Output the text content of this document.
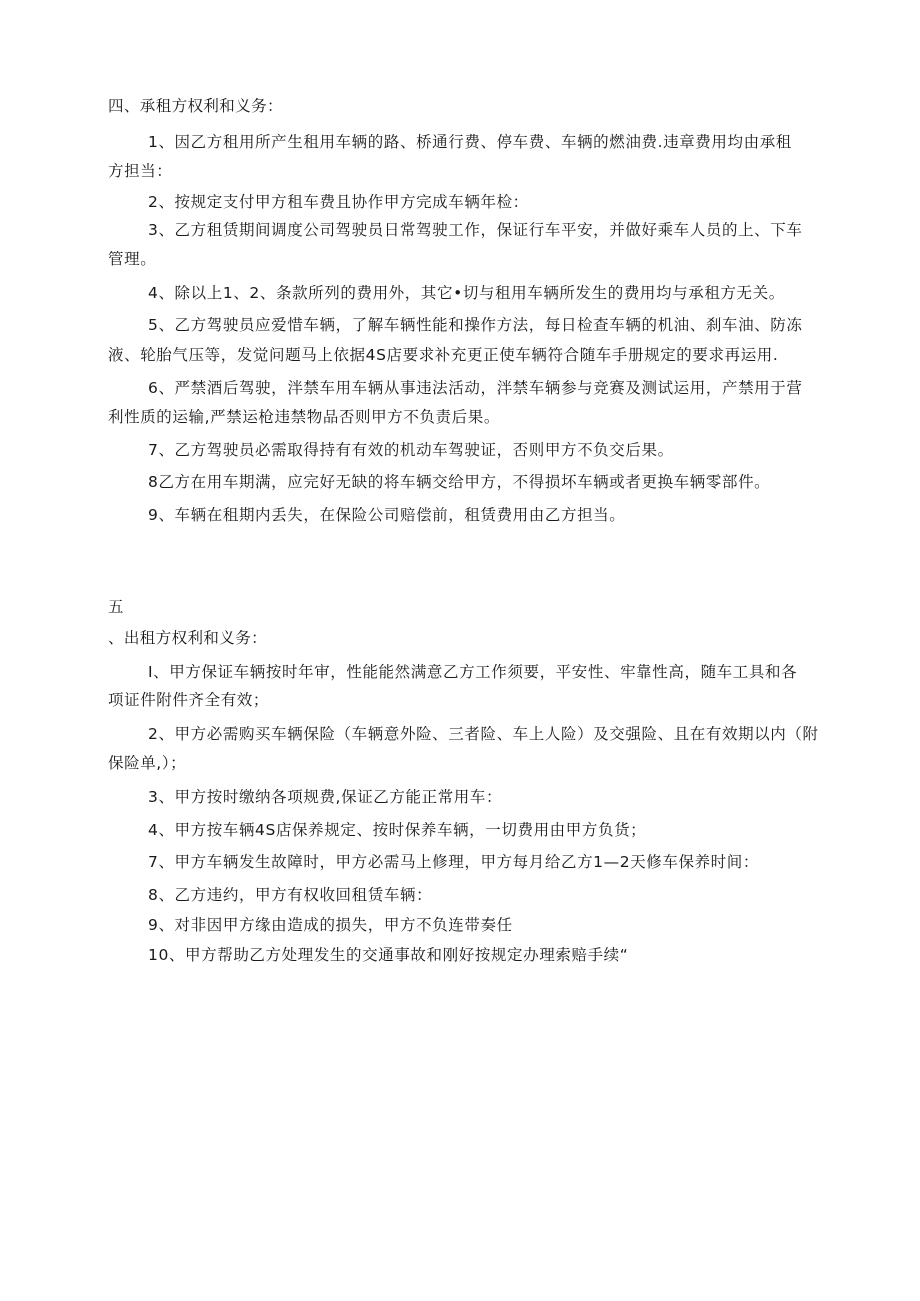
四、承租方权利和义务：
1、因乙方租用所产生租用车辆的路、桥通行费、停车费、车辆的燃油费.违章费用均由承租
方担当：
2、按规定支付甲方租车费且协作甲方完成车辆年检：
3、乙方租赁期间调度公司驾驶员日常驾驶工作，保证行车平安，并做好乘车人员的上、下车
管理。
4、除以上1、2、条款所列的费用外，其它•切与租用车辆所发生的费用均与承租方无关。
5、乙方驾驶员应爱惜车辆，了解车辆性能和操作方法，每日检查车辆的机油、刹车油、防冻
液、轮胎气压等，发觉问题马上依据4S店要求补充更正使车辆符合随车手册规定的要求再运用.
6、严禁酒后驾驶，泮禁车用车辆从事违法活动，泮禁车辆参与竞赛及测试运用，产禁用于营
利性质的运输,严禁运枪违禁物品否则甲方不负责后果。
7、乙方驾驶员必需取得持有有效的机动车驾驶证，否则甲方不负交后果。
8乙方在用车期满，应完好无缺的将车辆交给甲方，不得损坏车辆或者更换车辆零部件。
9、车辆在租期内丢失，在保险公司赔偿前，租赁费用由乙方担当。
五
、出租方权利和义务：
I、甲方保证车辆按时年审，性能能然满意乙方工作须要，平安性、牢靠性高，随车工具和各
项证件附件齐全有效；
2、甲方必需购买车辆保险（车辆意外险、三者险、车上人险）及交强险、且在有效期以内（附
保险单,）；
3、甲方按时缴纳各项规费,保证乙方能正常用车：
4、甲方按车辆4S店保养规定、按时保养车辆，一切费用由甲方负货；
7、甲方车辆发生故障时，甲方必需马上修理，甲方每月给乙方1—2天修车保养时间：
8、乙方违约，甲方有权收回租赁车辆：
9、对非因甲方缘由造成的损失，甲方不负连带奏任
10、甲方帮助乙方处理发生的交通事故和刚好按规定办理索赔手续“
